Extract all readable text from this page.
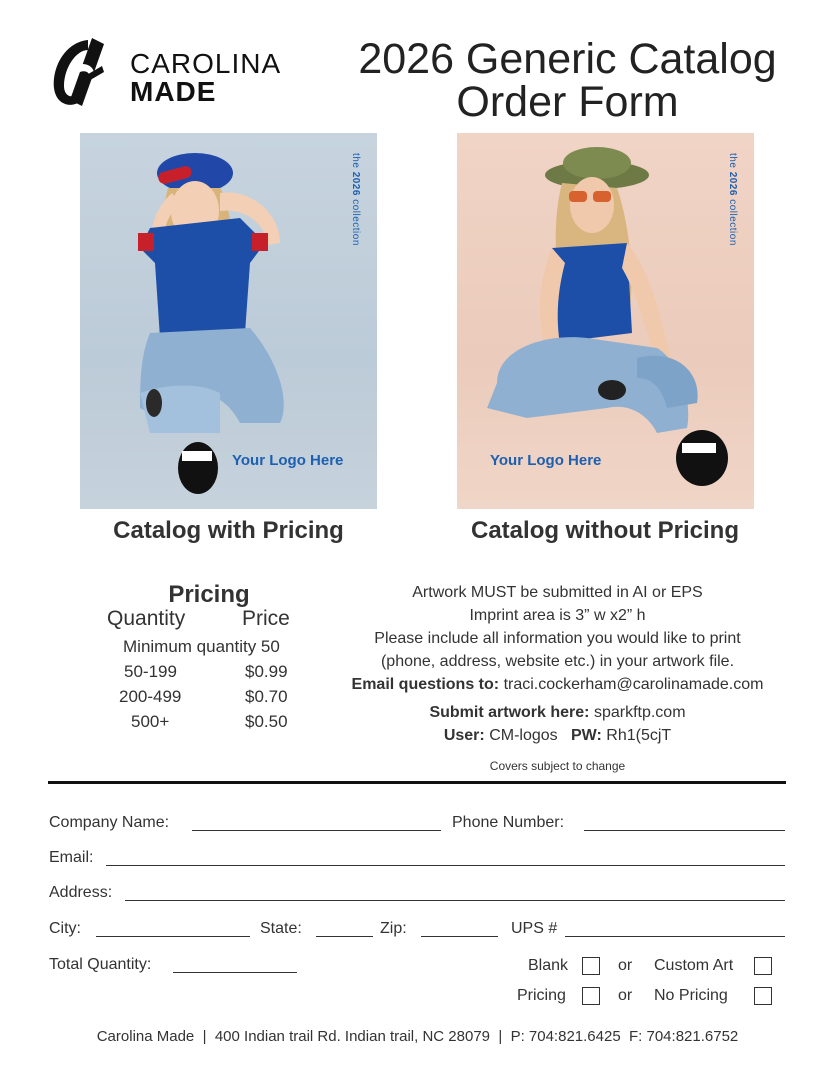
CAROLINA
MADE
2026 Generic Catalog
Order Form
the 2026 collection
Your Logo Here
Catalog with Pricing
the 2026 collection
Your Logo Here
Catalog without Pricing
Pricing
Quantity	Price
Minimum quantity 50
50-199	$0.99
200-499	$0.70
500+	$0.50
Artwork MUST be submitted in AI or EPS
Imprint area is 3” w x2” h
Please include all information you would like to print
(phone, address, website etc.) in your artwork file.
Email questions to: traci.cockerham@carolinamade.com
Submit artwork here: sparkftp.com
User: CM-logos PW: Rh1(5cjT
Covers subject to change
Company Name:	Phone Number:
Email:
Address:
City:	State:	Zip:	UPS #
Total Quantity:	Blank	or Custom Art
Pricing	or No Pricing
Carolina Made  |  400 Indian trail Rd. Indian trail, NC 28079  |  P: 704:821.6425  F: 704:821.6752
